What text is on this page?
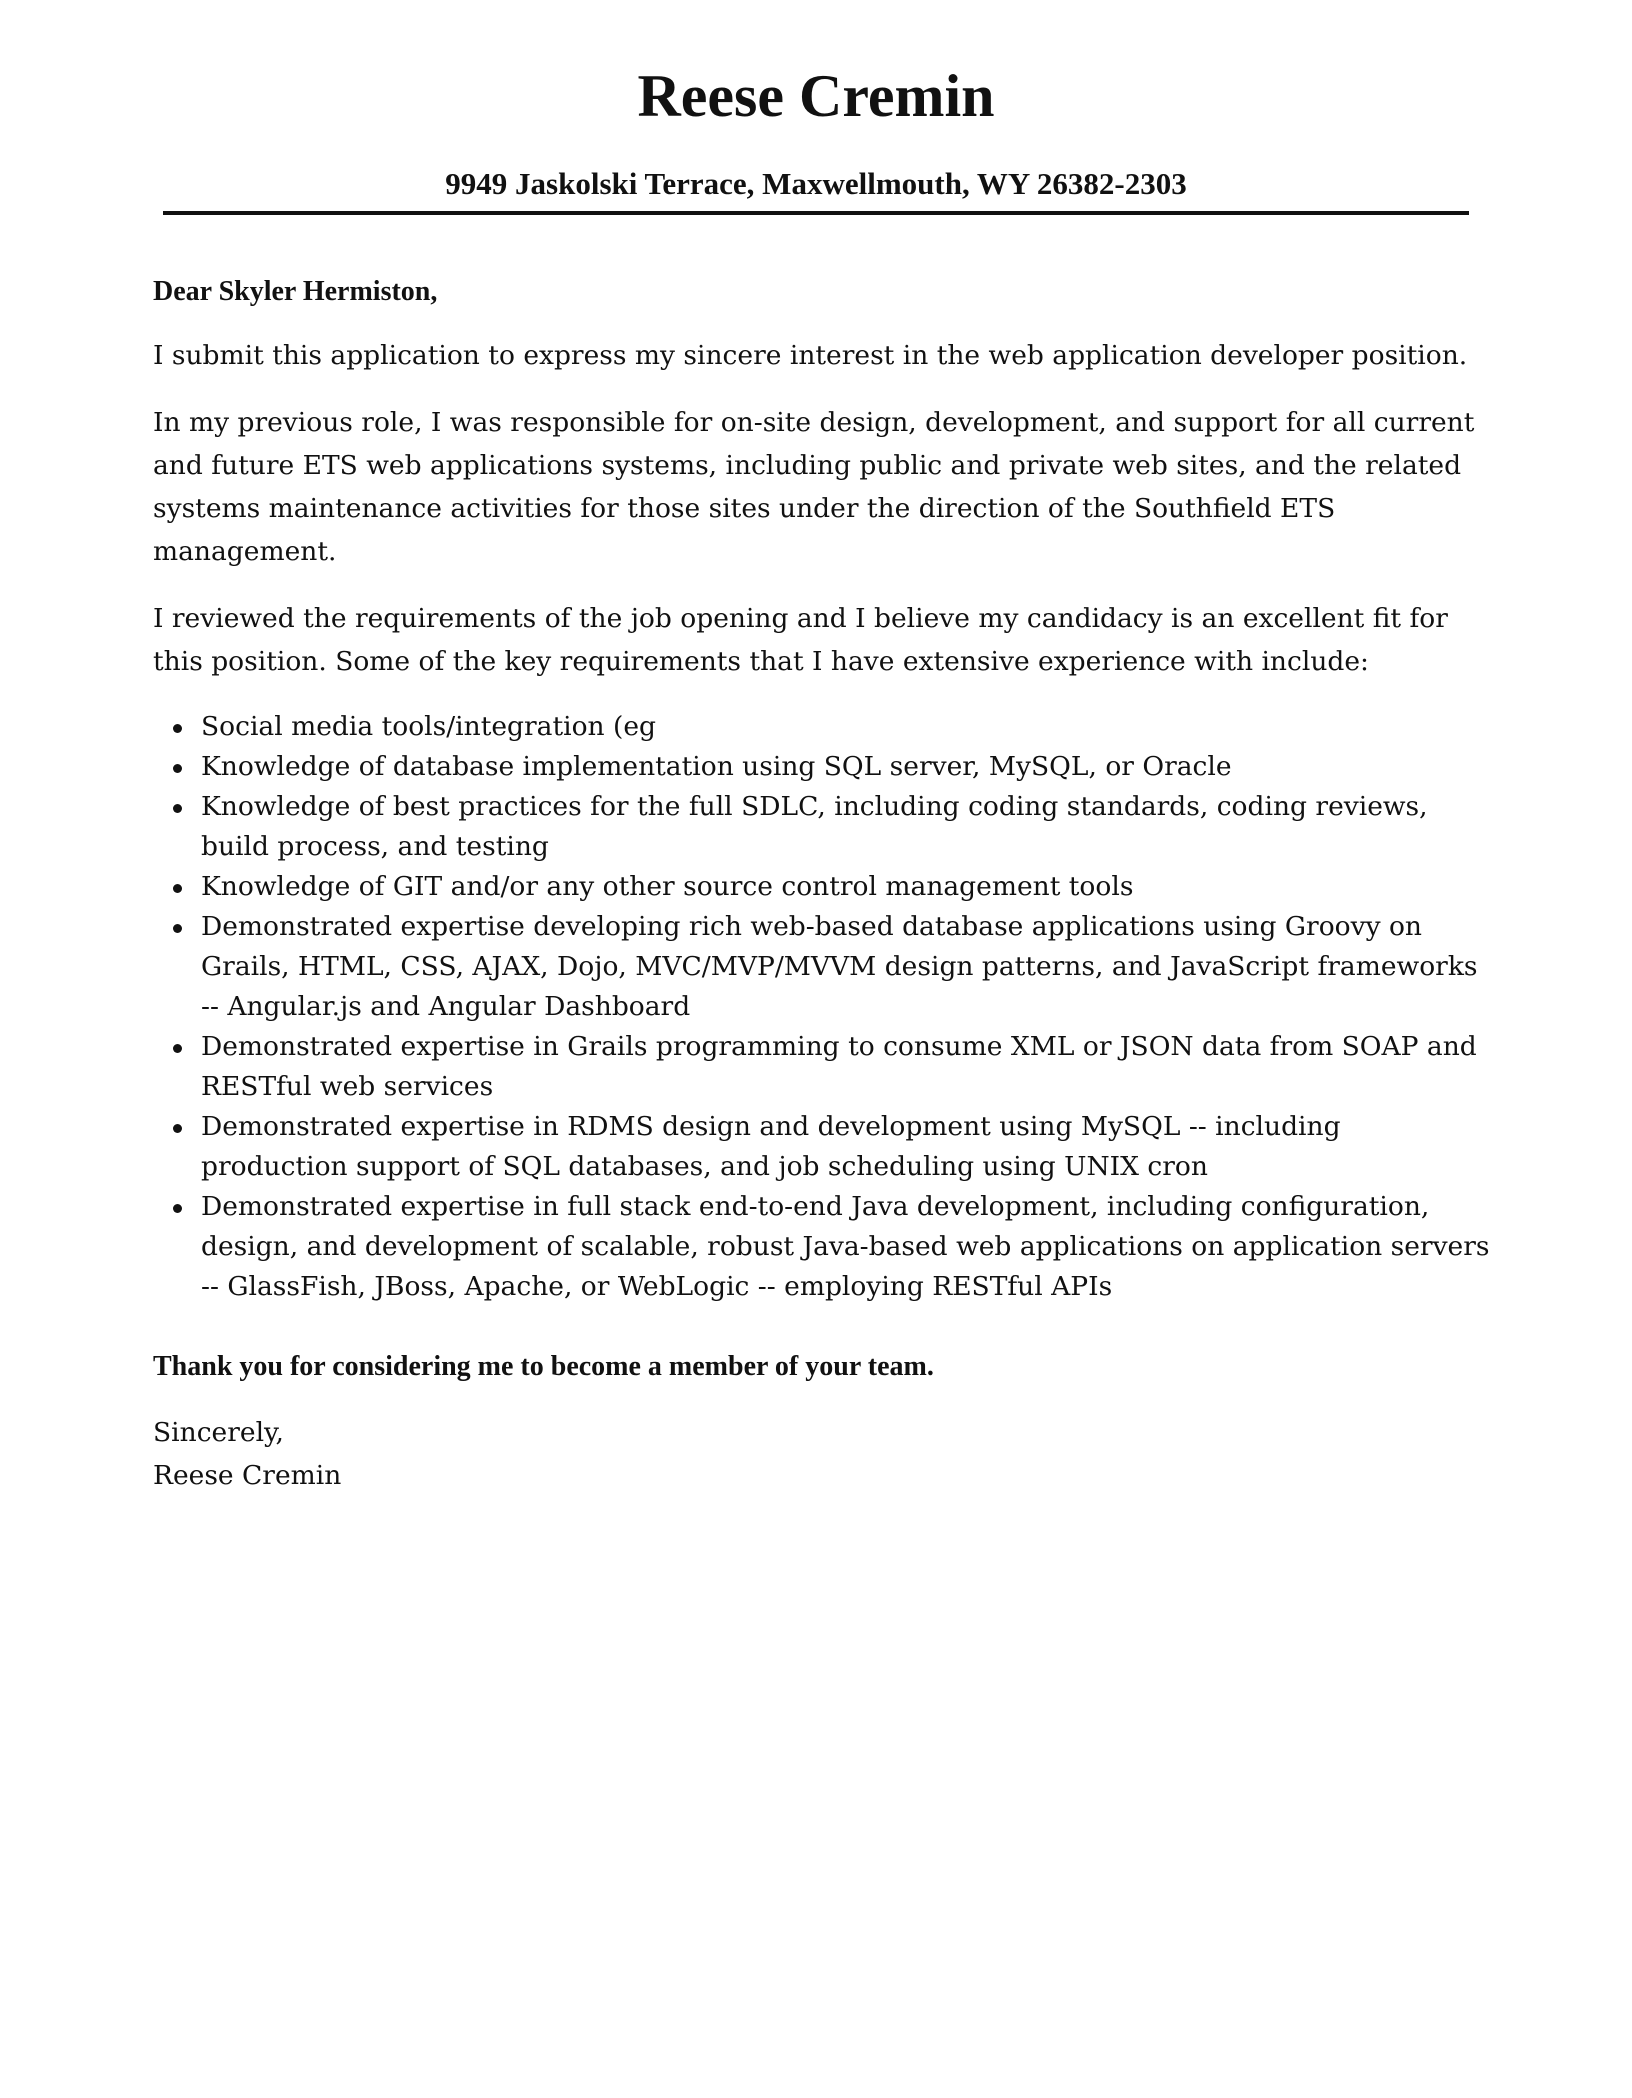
Reese Cremin
9949 Jaskolski Terrace, Maxwellmouth, WY 26382-2303

Dear Skyler Hermiston,

I submit this application to express my sincere interest in the web application developer position.

In my previous role, I was responsible for on-site design, development, and support for all current and future ETS web applications systems, including public and private web sites, and the related systems maintenance activities for those sites under the direction of the Southfield ETS management.

I reviewed the requirements of the job opening and I believe my candidacy is an excellent fit for this position. Some of the key requirements that I have extensive experience with include:

Social media tools/integration (eg
Knowledge of database implementation using SQL server, MySQL, or Oracle
Knowledge of best practices for the full SDLC, including coding standards, coding reviews, build process, and testing
Knowledge of GIT and/or any other source control management tools
Demonstrated expertise developing rich web-based database applications using Groovy on Grails, HTML, CSS, AJAX, Dojo, MVC/MVP/MVVM design patterns, and JavaScript frameworks -- Angular.js and Angular Dashboard
Demonstrated expertise in Grails programming to consume XML or JSON data from SOAP and RESTful web services
Demonstrated expertise in RDMS design and development using MySQL -- including production support of SQL databases, and job scheduling using UNIX cron
Demonstrated expertise in full stack end-to-end Java development, including configuration, design, and development of scalable, robust Java-based web applications on application servers -- GlassFish, JBoss, Apache, or WebLogic -- employing RESTful APIs

Thank you for considering me to become a member of your team.

Sincerely,
Reese Cremin
